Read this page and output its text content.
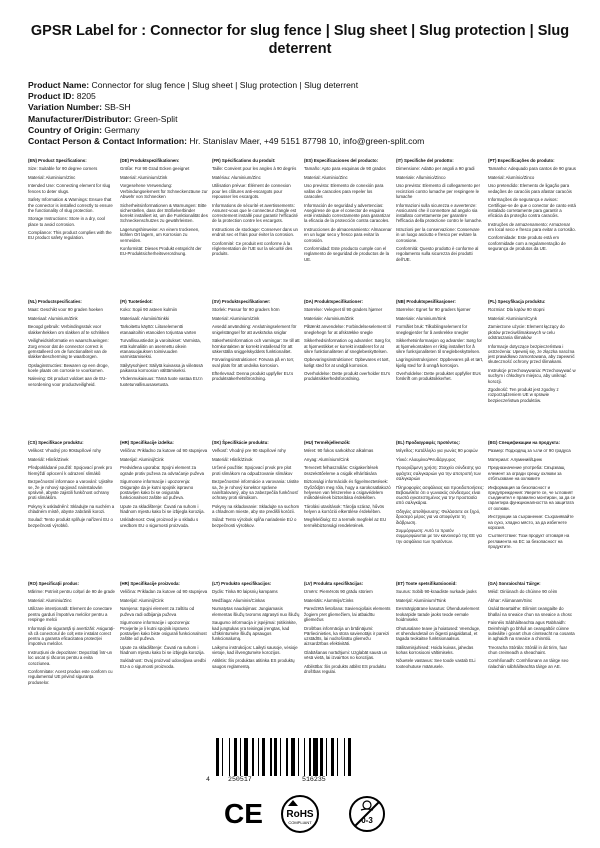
GPSR Label for : Connector for slug fence | Slug sheet | Slug protection | Slug deterrent
Product Name: Connector for slug fence | Slug sheet | Slug protection | Slug deterrent
Product ID: 8205
Variation Number: SB-SH
Manufacturer/Distributor: Green-Split
Country of Origin: Germany
Contact Person & Contact Information: Hr. Stanislav Maer, +49 5151 87798 10, info@green-split.com

(EN) Product Specifications:

Size: Suitable for 90 degree corners

Material: Aluminium/Zinc

Intended Use: Connecting element for slug fences to deter slugs.

Safety Information & Warnings: Ensure that the connector is installed correctly to ensure the functionality of slug protection.

Storage Instructions: Store in a dry, cool place to avoid corrosion.

Compliance: This product complies with the EU product safety regulation.

(DE) Produktspezifikationen:

Größe: Für 90 Grad Ecken geeignet

Material: Aluminium/Zink

Vorgesehene Verwendung: Verbindungselement für Schneckenzäune zur Abwehr von Schnecken

Sicherheitsinformationen & Warnungen: Bitte sicherstellen, dass der Stößelverbinder korrekt installiert ist, um die Funktionalität des Schneckenschutzes zu gewährleisten.

Lagerungshinweise: An einem trockenen, kühlen Ort lagern, um Korrosion zu vermeiden.

Konformität: Dieses Produkt entspricht der EU-Produktsicherheitsverordnung.

(FR) Spécifications du produit:

Taille: Convient pour les angles à 90 degrés

Matériau: Aluminium/Zinc

Utilisation prévue: Élément de connexion pour les clôtures anti-escargots pour repousser les escargots.

Informations de sécurité et avertissements: Assurez-vous que le connecteur d'angle est correctement installé pour garantir l'efficacité de la protection contre les escargots.

Instructions de stockage: Conserver dans un endroit sec et frais pour éviter la corrosion.

Conformité: Ce produit est conforme à la réglementation de l'UE sur la sécurité des produits.

(ES) Especificaciones del producto:

Tamaño: Apto para esquinas de 90 grados

Material: Aluminio/Zinc

Uso previsto: Elemento de conexión para vallas de caracoles para repeler los caracoles

Información de seguridad y advertencias: Asegúrese de que el conector de esquina esté instalado correctamente para garantizar la eficacia de la protección contra caracoles.

Instrucciones de almacenamiento: Almacenar en un lugar seco y fresco para evitar la corrosión.

Conformidad: Este producto cumple con el reglamento de seguridad de productos de la UE.

(IT) Specifiche del prodotto:

Dimensione: Adatto per angoli a 90 gradi

Materiale: Alluminio/Zinco

Uso previsto: Elemento di collegamento per recinzioni contro lumache per respingere le lumache

Informazioni sulla sicurezza e avvertenze: Assicurarsi che il connettore ad angolo sia installato correttamente per garantire l'efficacia della protezione contro le lumache.

Istruzioni per la conservazione: Conservare in un luogo asciutto e fresco per evitare la corrosione.

Conformità: Questo prodotto è conforme al regolamento sulla sicurezza dei prodotti dell'UE.

(PT) Especificações do produto:

Tamanho: Adequado para cantos de 90 graus

Material: Alumínio/Zinco

Uso pretendido: Elemento de ligação para vedações de caracóis para afastar caracóis

Informações de segurança e avisos: Certifique-se de que o conector de canto está instalado corretamente para garantir a eficácia da proteção contra caracóis.

Instruções de armazenamento: Armazenar em local seco e fresco para evitar a corrosão.

Conformidade: Este produto está em conformidade com a regulamentação de segurança de produtos da UE.

(NL) Productspecificaties:

Maat: Geschikt voor 90 graden hoeken

Materiaal: Aluminium/Zink

Beoogd gebruik: Verbindingsstuk voor slakkenhekken om slakken af te schrikken

Veiligheidsinformatie en waarschuwingen: Zorg ervoor dat de connector correct is geïnstalleerd om de functionaliteit van de slakkenbescherming te waarborgen.

Opslaginstructies: Bewaren op een droge, koele plaats om corrosie te voorkomen.

Naleving: Dit product voldoet aan de EU-verordening voor productveiligheid.

(FI) Tuotetiedot:

Koko: Sopii 90 asteen kulmiin

Materiaali: Alumiini/Sinkki

Tarkoitettu käyttö: Liitoselementti etanaaitoihin etanoiden torjuntaa varten

Turvallisuustiedot ja varoitukset: Varmista, että kulmaliitin on asennettu oikein etanasuojauksen toimivuuden varmistamiseksi.

Säilytysohjeet: Säilytä kuivassa ja viileässä paikassa korroosion välttämiseksi.

Yhdenmukaisuus: Tämä tuote vastaa EU:n tuoteturvallisuusasetusta.

(SV) Produktspecifikationer:

Storlek: Passar för 90 graders hörn

Material: Aluminium/Zink

Avsedd användning: Anslutningselement för snigelstängsel för att avskräcka sniglar

Säkerhetsinformation och varningar: Se till att hörnkontakten är korrekt installerad för att säkerställa sniggelskyddets funktionalitet.

Förvaringsinstruktioner: Förvara på en torr, sval plats för att undvika korrosion.

Efterlevnad: Denna produkt uppfyller EU:s produktsäkerhetsförordning.

(DA) Produktspecifikationer:

Størrelse: Velegnet til 90 graders hjørner

Materiale: Aluminium/Zink

Påtænkt anvendelse: Forbindelseselement til sneglehegn for at afskrække snegle

Sikkerhedsinformation og advarsler: Sørg for, at hjørnestikket er korrekt installeret for at sikre funktionaliteten af sneglebeskyttelsen.

Opbevaringsinstruktioner: Opbevares et tørt, køligt sted for at undgå korrosion.

Overholdelse: Dette produkt overholder EU's produktsikkerhedsforordning.

(NB) Produktspesifikasjoner:

Størrelse: Egnet for 90 graders hjørner

Materiale: Aluminium/Sink

Formålet bruk: Tilkoblingselement for sneglegjerder for å avskrekke snegler

Sikkerhetsinformasjon og advarsler: Sørg for at hjørnekontakten er riktig installert for å sikre funksjonaliteten til sneglebeskyttelsen.

Lagringsinstruksjoner: Oppbevares på et tørt, kjølig sted for å unngå korrosjon.

Overholdelse: Dette produktet oppfyller EUs forskrift om produktsikkerhet.

(PL) Specyfikacja produktu:

Rozmiar: Dla kątów 90 stopni

Materiał: Aluminium/Cynk

Zamierzone użycie: Element łączący do płotów przeciwślimakowych w celu odstraszania ślimaków

Informacje dotyczące bezpieczeństwa i ostrzeżenia: Upewnij się, że złączka narożna jest prawidłowo zamontowana, aby zapewnić skuteczność ochrony przed ślimakami.

Instrukcje przechowywania: Przechowywać w suchym i chłodnym miejscu, aby uniknąć korozji.

Zgodność: Ten produkt jest zgodny z rozporządzeniem UE w sprawie bezpieczeństwa produktów.

(CS) Specifikace produktu:

Velikost: Vhodný pro 90stupňové rohy

Materiál: Hliník/Zinek

Předpokládané použití: Spojovací prvek pro hlemýždí oplocení k odrazení slimáků

Bezpečnostní informace a varování: Ujistěte se, že je rohový spojovač nainstalován správně, abyste zajistili funkčnost ochrany proti slimákům.

Pokyny k uskladnění: Skladujte na suchém a chladném místě, abyste zabránili korozi.

Soulad: Tento produkt splňuje nařízení EU o bezpečnosti výrobků.

(HR) Specifikacije izdelka:

Veličina: Prikladno za kutove od 90 stupnjeva

Materijal: Aluminij/Cink

Predviđena uporaba: Spojni element za ograde protiv puževa za odvraćanje puževa

Sigurnosne informacije i upozorenja: Osigurajte da je kutni spojnik ispravno postavljen kako bi se osigurala funkcionalnost zaštite od puževa.

Upute za skladištenje: Čuvati na suhom i hladnom mjestu kako bi se izbjegla korozija.

Usklađenost: Ovaj proizvod je u skladu s uredbom EU o sigurnosti proizvoda.

(SK) Špecifikácie produktu:

Veľkosť: Vhodný pre 90 stupňové rohy

Materiál: Hliník/Zinok

Určené použitie: Spojovací prvok pre plot proti slimákom na odpudzovanie slimákov

Bezpečnostné informácie a varovania: Uistite sa, že je rohový konektor správne nainštalovaný, aby sa zabezpečila funkčnosť ochrany proti slimákom.

Pokyny na skladovanie: Skladujte na suchom a chladnom mieste, aby ste predišli korózii.

Súlad: Tento výrobok spĺňa nariadenie EÚ o bezpečnosti výrobkov.

(HU) Termékjellemzők:

Méret: 90 fokos sarkokhoz alkalmas

Anyag: Alumínium/Cink

Tervezett felhasználás: Csigakerítések összekötőeleme a csigák elhárítására

Biztonsági információk és figyelmeztetések: Győződjön meg róla, hogy a sarokcsatlakozó helyesen van felszerelve a csigavédelem működésének biztosítása érdekében.

Tárolási utasítások: Tárolja száraz, hűvös helyen a korrózió elkerülése érdekében.

Megfelelőség: Ez a termék megfelel az EU termékbiztonsági rendeletének.

(EL) Προδιαγραφές προϊόντος:

Μέγεθος: Κατάλληλο για γωνίες 90 μοιρών

Υλικό: Αλουμίνιο/Ψευδάργυρος

Προοριζόμενη χρήση: Στοιχείο σύνδεσης για φράχτες σαλιγκαριών για την αποτροπή των σαλιγκαριών

Πληροφορίες ασφάλειας και προειδοποιήσεις: Βεβαιωθείτε ότι ο γωνιακός σύνδεσμος είναι σωστά εγκατεστημένος για την προστασία από σαλιγκάρια.

Οδηγίες αποθήκευσης: Φυλάσσετε σε ξηρό, δροσερό μέρος για να αποφύγετε τη διάβρωση.

Συμμόρφωση: Αυτό το προϊόν συμμορφώνεται με τον κανονισμό της ΕΕ για την ασφάλεια των προϊόντων.

(BG) Спецификации на продукта:

Размер: Подходящ за ъгли от 90 градуса

Материал: Алуминий/Цинк

Предназначение употреба: Свързващ елемент за огради срещу охлюви за отблъскване на охлювите

Информация за безопасност и предупреждения: Уверете се, че ъгловият съединител е правилно монтиран, за да се гарантира функционалността на защитата от охлюви.

Инструкции за съхранение: Съхранявайте на сухо, хладно място, за да избегнете корозия.

Съответствие: Този продукт отговаря на регламента на ЕС за безопасност на продуктите.

(RO) Specificații produs:

Mărime: Potrivit pentru colțuri de 90 de grade

Material: Aluminiu/Zinc

Utilizare intenționată: Element de conectare pentru garduri împotriva melcilor pentru a respinge melcii

Informații de siguranță și avertizări: Asigurați-vă că conectorul de colț este instalat corect pentru a garanta eficacitatea protecției împotriva melcilor.

Instrucțiuni de depozitare: Depozitați într-un loc uscat și răcoros pentru a evita coroziunea.

Conformitate: Acest produs este conform cu regulamentul UE privind siguranța produselor.

(HR) Specifikacije proizvoda:

Veličina: Prikladan za kutove od 90 stupnjeva

Materijal: Aluminij/Cink

Namjena: Spojni element za zaštitu od puževa radi odbijanja puževa

Sigurnosne informacije i upozorenja: Provjerite je li kutni spojnik ispravno postavljen kako biste osigurali funkcionalnost zaštite od puževa.

Upute za skladištenje: Čuvati na suhom i hladnom mjestu kako bi se izbjegla korozija.

Sukladnost: Ovaj proizvod udovoljava uredbi EU-a o sigurnosti proizvoda.

(LT) Produkto specifikacijos:

Dydis: Tinka 90 laipsnių kampams

Medžiaga: Aliuminis/Cinkas

Numatytas naudojimas: Jungiamasis elementas šliužų tvoroms atgrasyti nuo šliužų

Saugumo informacija ir įspėjimai: Įsitikinkite, kad jungtukas yra teisingai įrengtas, kad užtikrintumėte šliužų apsaugos funkcionalumą.

Laikymo instrukcijos: Laikyti sausoje, vėsioje vietoje, kad išvengtumėte korozijos.

Atitiktis: Šis produktas atitinka ES produktų saugos reglamentą.

(LV) Produkta specifikācijas:

Izmērs: Piemērots 90 grādu stūriem

Materiāls: Alumīnijs/Cinks

Paredzētā lietošana: Savienojošais elements žogiem pret gliemežiem, lai atbaidītu gliemežus

Drošības informācija un brīdinājumi: Pārliecinieties, ka stūra savienotājs ir pareizi uzstādīts, lai nodrošinātu gliemežu aizsardzības efektivitāti.

Glabāšanas norādījumi: Uzglabāt sausā un vēsā vietā, lai izvairītos no korozijas.

Atbilstība: Šis produkts atbilst ES produktu drošības regulai.

(ET) Toote spetsifikatsioonid:

Suurus: Sobib 90-kraadiste nurkade jaoks

Materjal: Alumiinium/Tsink

Eesmärgipärane kasutus: Ühenduselement teokarpide tarade jaoks teode eemale hoidmiseks

Ohutusalane teave ja hoiatused: Veenduge, et ühendusdetail on õigesti paigaldatud, et tagada teokaitse funktsionaalsus.

Säilitamisjuhised: Hoida kuivas, jahedas kohas korrosiooni vältimiseks.

Nõuetele vastavus: See toode vastab ELi tooteohutuse määrusele.

(GA) Sonraíochtaí Táirge:

Méid: Oiriúnach do chúinne 90 céim

Ábhar: Alúmanam/Sinc

Úsáid Beartaithe: Eilimint ceangailte do bhallaí na sneaice chun na sneaice a chosc

Faisnéis Sábháilteachta agus Rabhaidh: Deimhnigh go bhfuil an ceangaltóir cúinne suiteáilte i gceart chun cinnteacht na cosanta in aghaidh na sneaice a chinntiú.

Treoracha Stórála: Stóráil in áit tirim, fuar chun creimeadh a sheachaint.

Comhlíonadh: Comhlíonann an táirge seo rialachán sábháilteachta táirge an AE.

4	250517	516235
CE RoHS
COMPLIANT	0-3
